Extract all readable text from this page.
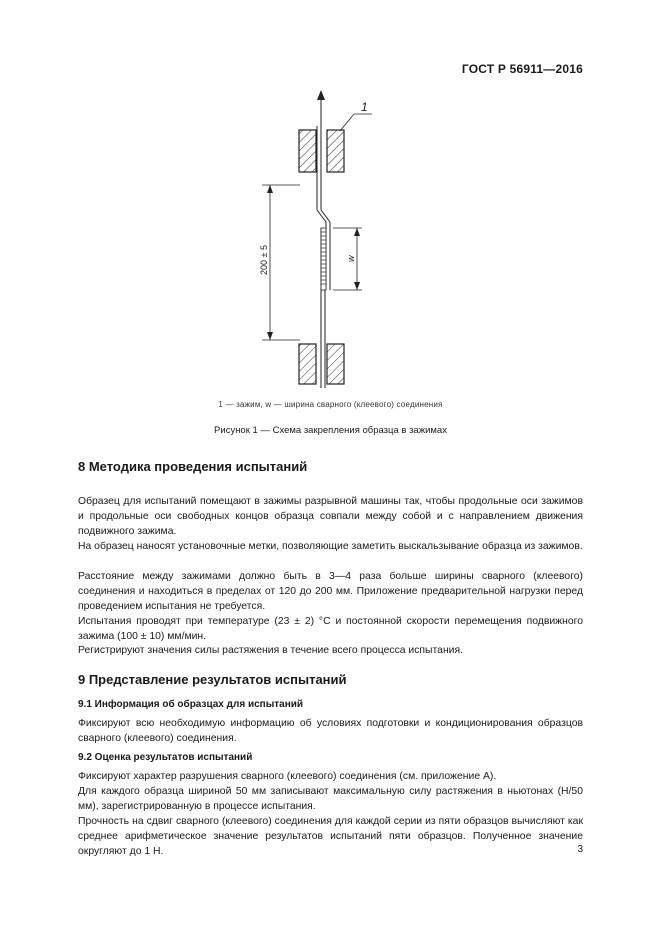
ГОСТ Р 56911—2016
1
200 ± 5	w
1 — зажим, w — ширина сварного (клеевого) соединения
Рисунок 1 — Схема закрепления образца в зажимах
8 Методика проведения испытаний
Образец для испытаний помещают в зажимы разрывной машины так, чтобы продольные оси зажимов и продольные оси свободных концов образца совпали между собой и с направлением движения подвижного зажима.
На образец наносят установочные метки, позволяющие заметить выскальзывание образца из зажимов.
Расстояние между зажимами должно быть в 3—4 раза больше ширины сварного (клеевого) соединения и находиться в пределах от 120 до 200 мм. Приложение предварительной нагрузки перед проведением испытания не требуется.
Испытания проводят при температуре (23 ± 2) °С и постоянной скорости перемещения подвижного зажима (100 ± 10) мм/мин.
Регистрируют значения силы растяжения в течение всего процесса испытания.
9 Представление результатов испытаний
9.1 Информация об образцах для испытаний
Фиксируют всю необходимую информацию об условиях подготовки и кондиционирования образцов сварного (клеевого) соединения.
9.2 Оценка результатов испытаний
Фиксируют характер разрушения сварного (клеевого) соединения (см. приложение А).
Для каждого образца шириной 50 мм записывают максимальную силу растяжения в ньютонах (Н/50 мм), зарегистрированную в процессе испытания.
Прочность на сдвиг сварного (клеевого) соединения для каждой серии из пяти образцов вычисляют как среднее арифметическое значение результатов испытаний пяти образцов. Полученное значение округляют до 1 Н.	3
